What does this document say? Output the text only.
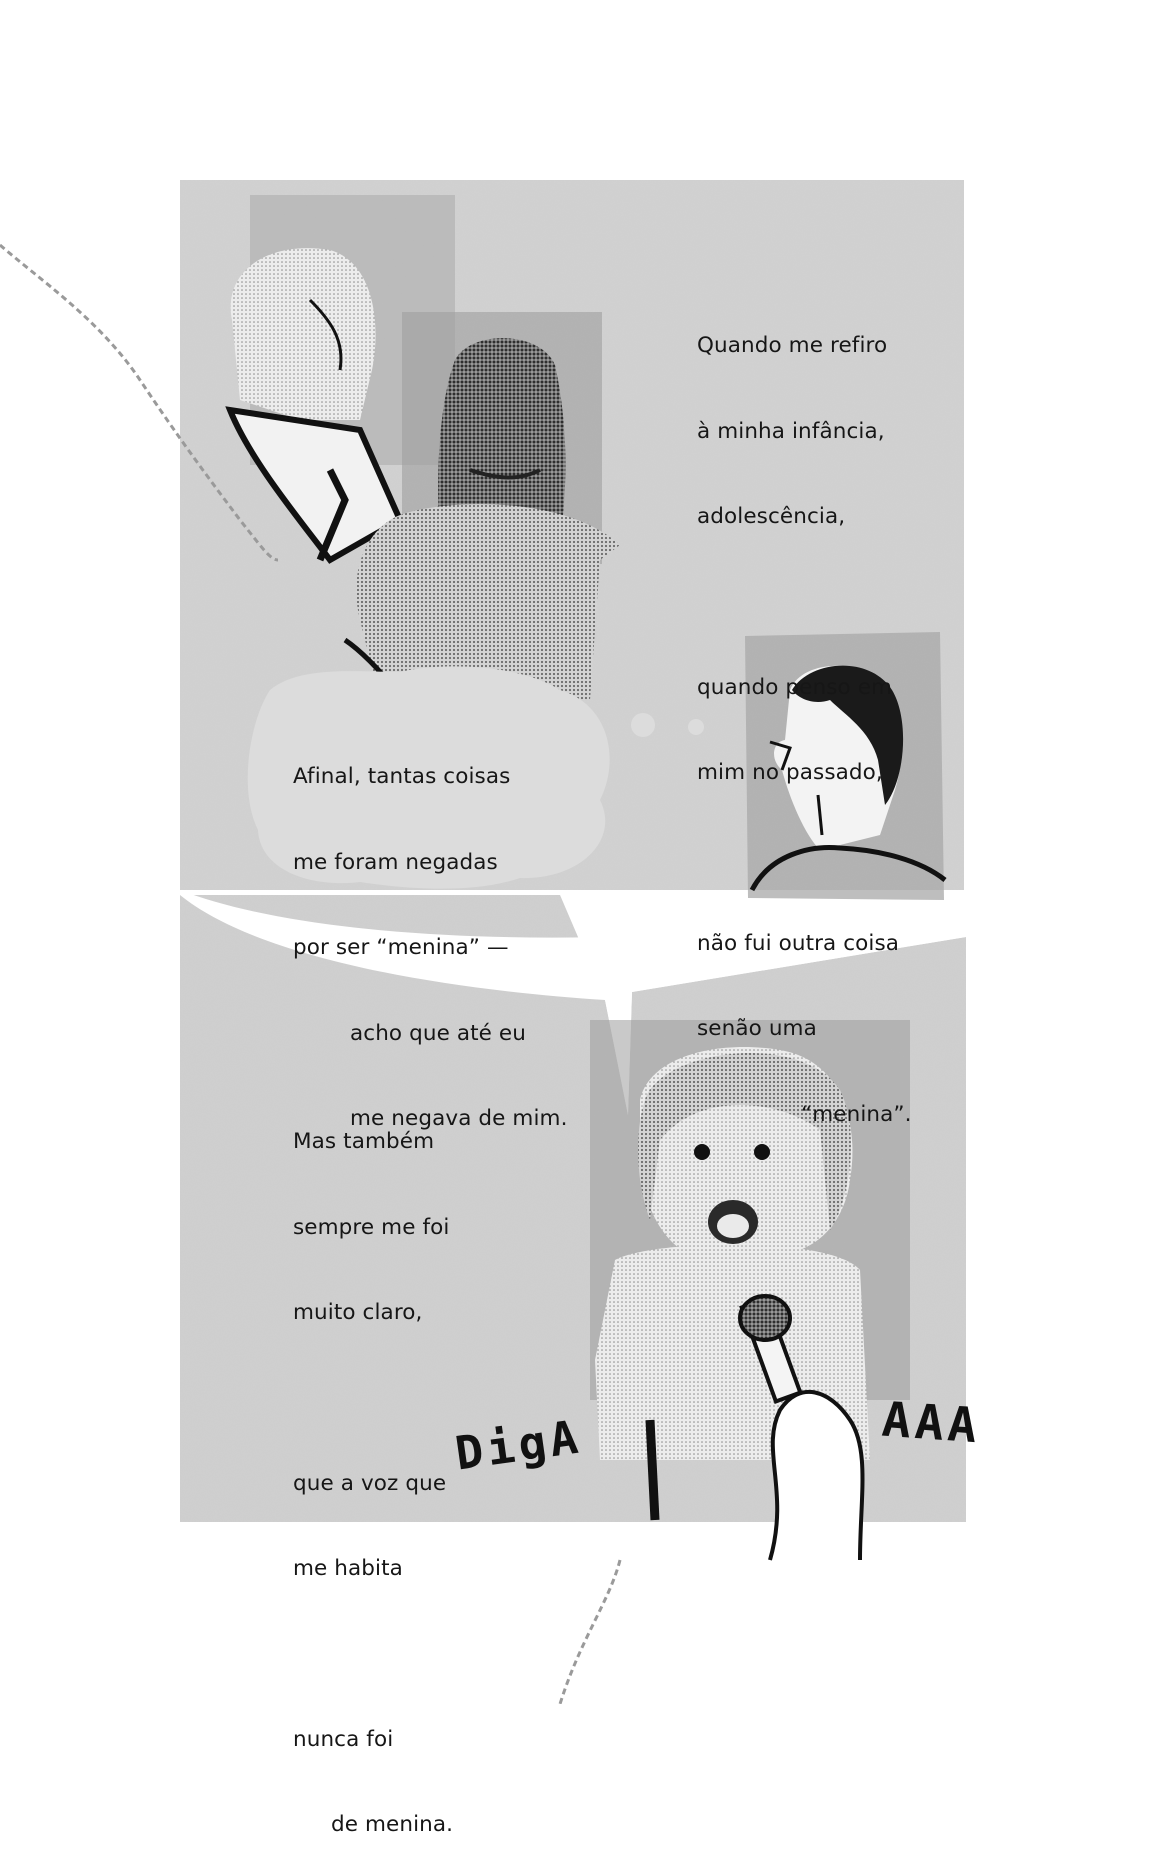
Quando me refiro

à minha infância,

adolescência,

quando penso em

mim no passado,

não fui outra coisa

senão uma

“menina”.

Afinal, tantas coisas

me foram negadas

por ser “menina” —

acho que até eu

me negava de mim.

Mas também

sempre me foi

muito claro,

que a voz que

me habita

nunca foi

de menina.

DigA	AAA
